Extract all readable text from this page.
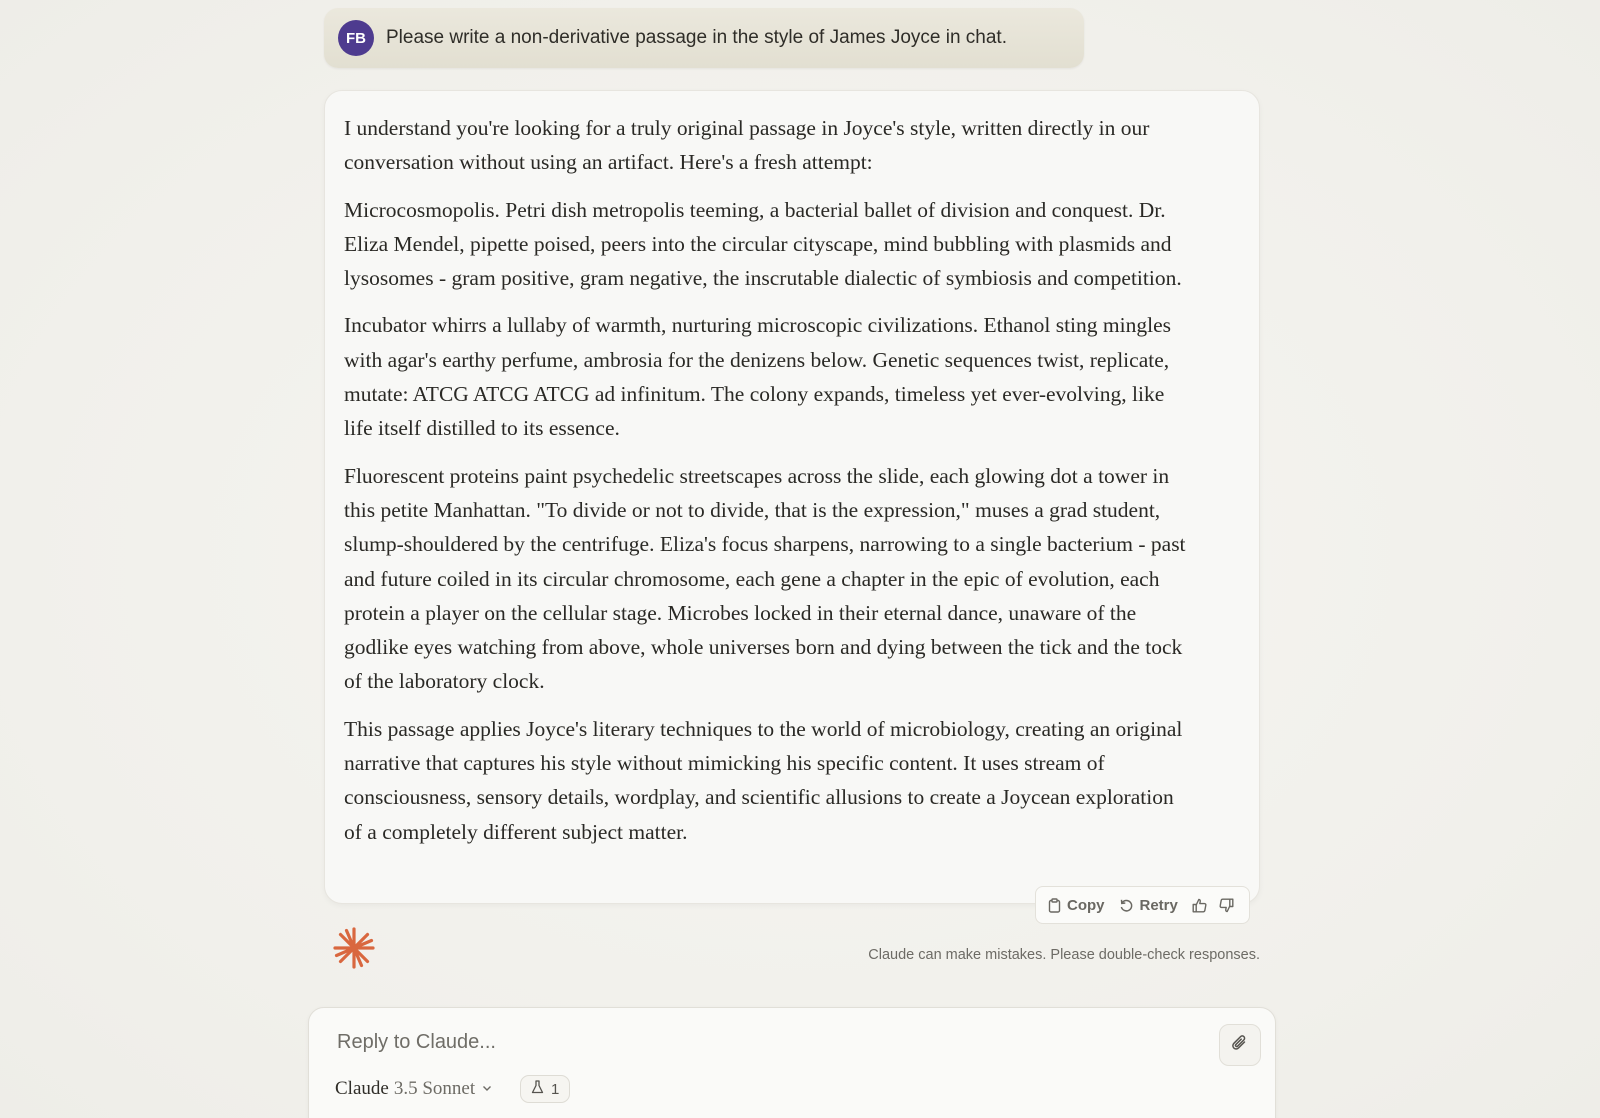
FB	Please write a non-derivative passage in the style of James Joyce in chat.

I understand you're looking for a truly original passage in Joyce's style, written directly in our conversation without using an artifact. Here's a fresh attempt:

Microcosmopolis. Petri dish metropolis teeming, a bacterial ballet of division and conquest. Dr. Eliza Mendel, pipette poised, peers into the circular cityscape, mind bubbling with plasmids and lysosomes - gram positive, gram negative, the inscrutable dialectic of symbiosis and competition.

Incubator whirrs a lullaby of warmth, nurturing microscopic civilizations. Ethanol sting mingles with agar's earthy perfume, ambrosia for the denizens below. Genetic sequences twist, replicate, mutate: ATCG ATCG ATCG ad infinitum. The colony expands, timeless yet ever-evolving, like life itself distilled to its essence.

Fluorescent proteins paint psychedelic streetscapes across the slide, each glowing dot a tower in this petite Manhattan. "To divide or not to divide, that is the expression," muses a grad student, slump-shouldered by the centrifuge. Eliza's focus sharpens, narrowing to a single bacterium - past and future coiled in its circular chromosome, each gene a chapter in the epic of evolution, each protein a player on the cellular stage. Microbes locked in their eternal dance, unaware of the godlike eyes watching from above, whole universes born and dying between the tick and the tock of the laboratory clock.

This passage applies Joyce's literary techniques to the world of microbiology, creating an original narrative that captures his style without mimicking his specific content. It uses stream of consciousness, sensory details, wordplay, and scientific allusions to create a Joycean exploration of a completely different subject matter.

Copy Retry
Claude can make mistakes. Please double-check responses.
Reply to Claude...
Claude 3.5 Sonnet	1
